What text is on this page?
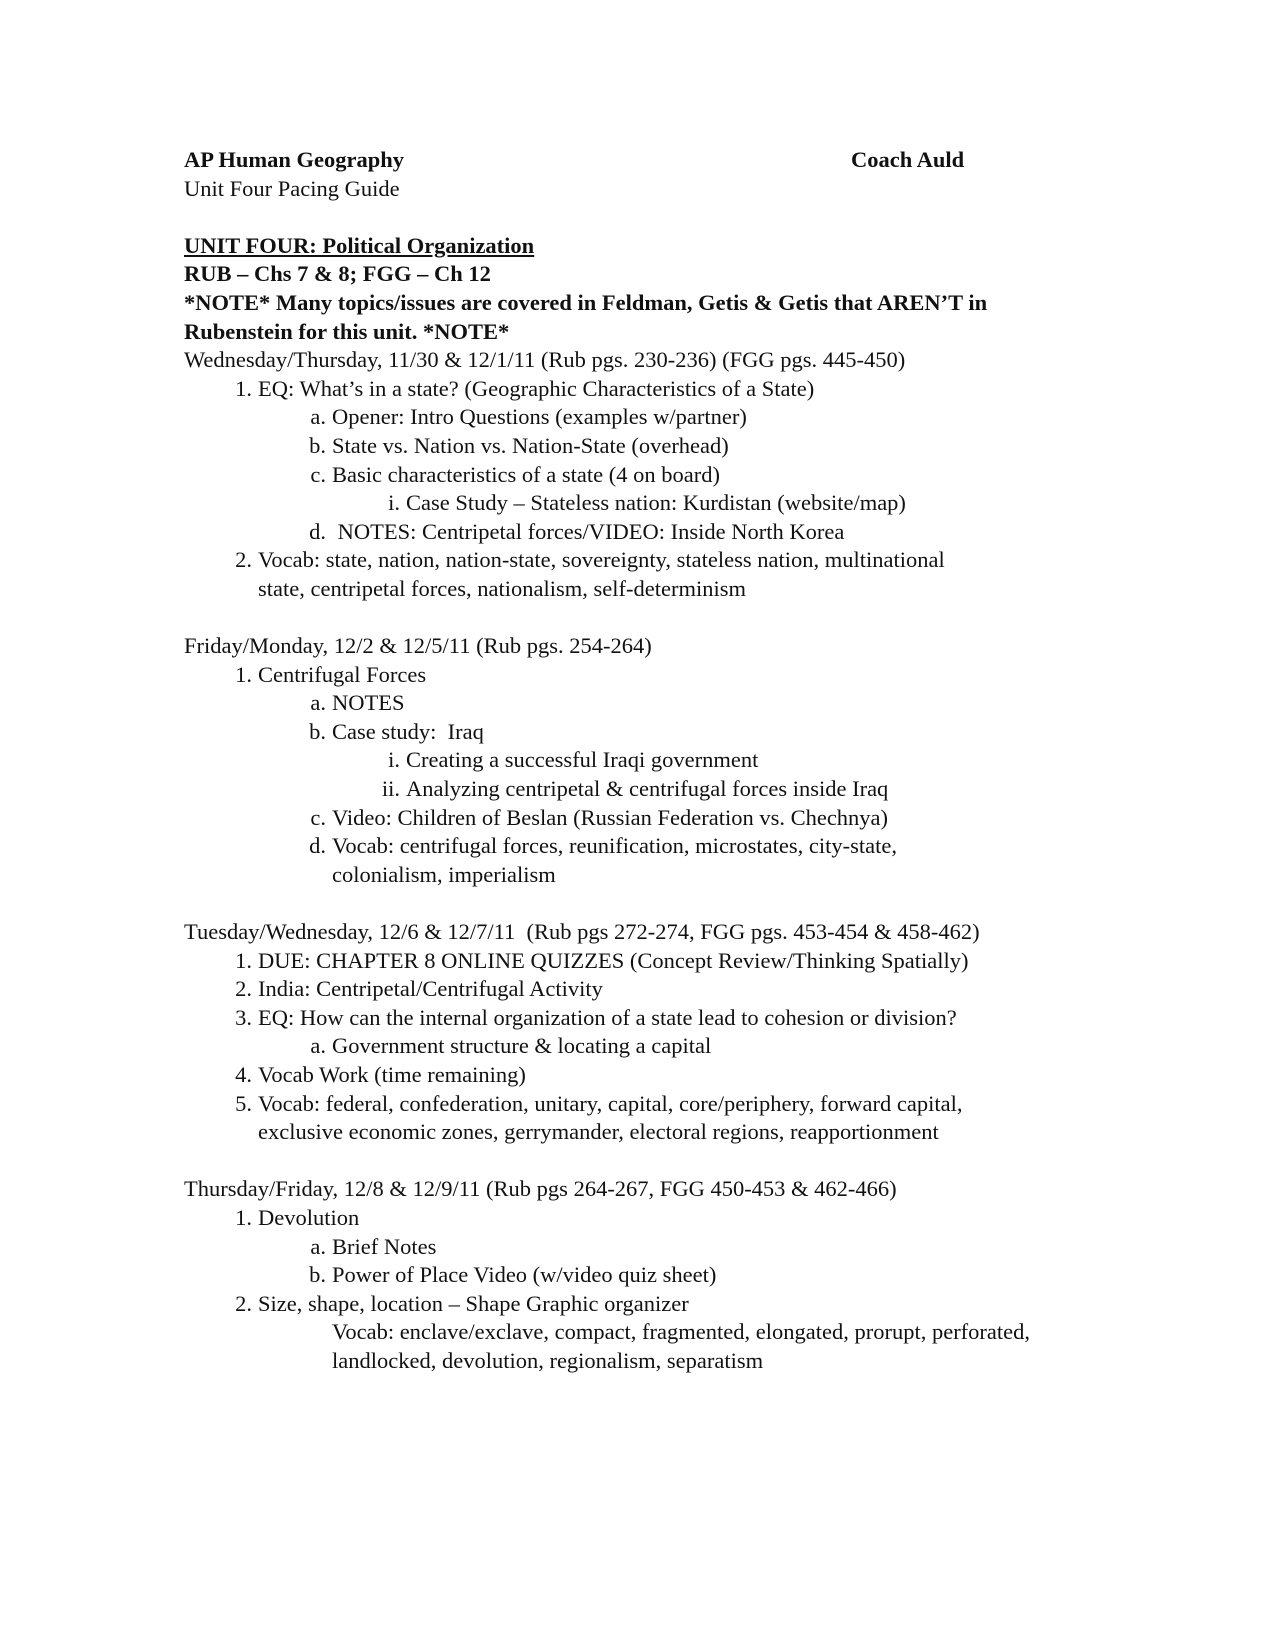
AP Human Geography	Coach Auld
Unit Four Pacing Guide
UNIT FOUR: Political Organization
RUB – Chs 7 & 8; FGG – Ch 12
*NOTE* Many topics/issues are covered in Feldman, Getis & Getis that AREN’T in
Rubenstein for this unit. *NOTE*
Wednesday/Thursday, 11/30 & 12/1/11 (Rub pgs. 230-236) (FGG pgs. 445-450)
1. EQ: What’s in a state? (Geographic Characteristics of a State)
a. Opener: Intro Questions (examples w/partner)
b. State vs. Nation vs. Nation-State (overhead)
c. Basic characteristics of a state (4 on board)
i. Case Study – Stateless nation: Kurdistan (website/map)
d. NOTES: Centripetal forces/VIDEO: Inside North Korea
2. Vocab: state, nation, nation-state, sovereignty, stateless nation, multinational
state, centripetal forces, nationalism, self-determinism
Friday/Monday, 12/2 & 12/5/11 (Rub pgs. 254-264)
1. Centrifugal Forces
a. NOTES
b. Case study:  Iraq
i. Creating a successful Iraqi government
ii. Analyzing centripetal & centrifugal forces inside Iraq
c. Video: Children of Beslan (Russian Federation vs. Chechnya)
d. Vocab: centrifugal forces, reunification, microstates, city-state,
colonialism, imperialism
Tuesday/Wednesday, 12/6 & 12/7/11  (Rub pgs 272-274, FGG pgs. 453-454 & 458-462)
1. DUE: CHAPTER 8 ONLINE QUIZZES (Concept Review/Thinking Spatially)
2. India: Centripetal/Centrifugal Activity
3. EQ: How can the internal organization of a state lead to cohesion or division?
a. Government structure & locating a capital
4. Vocab Work (time remaining)
5. Vocab: federal, confederation, unitary, capital, core/periphery, forward capital,
exclusive economic zones, gerrymander, electoral regions, reapportionment
Thursday/Friday, 12/8 & 12/9/11 (Rub pgs 264-267, FGG 450-453 & 462-466)
1. Devolution
a. Brief Notes
b. Power of Place Video (w/video quiz sheet)
2. Size, shape, location – Shape Graphic organizer
Vocab: enclave/exclave, compact, fragmented, elongated, prorupt, perforated,
landlocked, devolution, regionalism, separatism
